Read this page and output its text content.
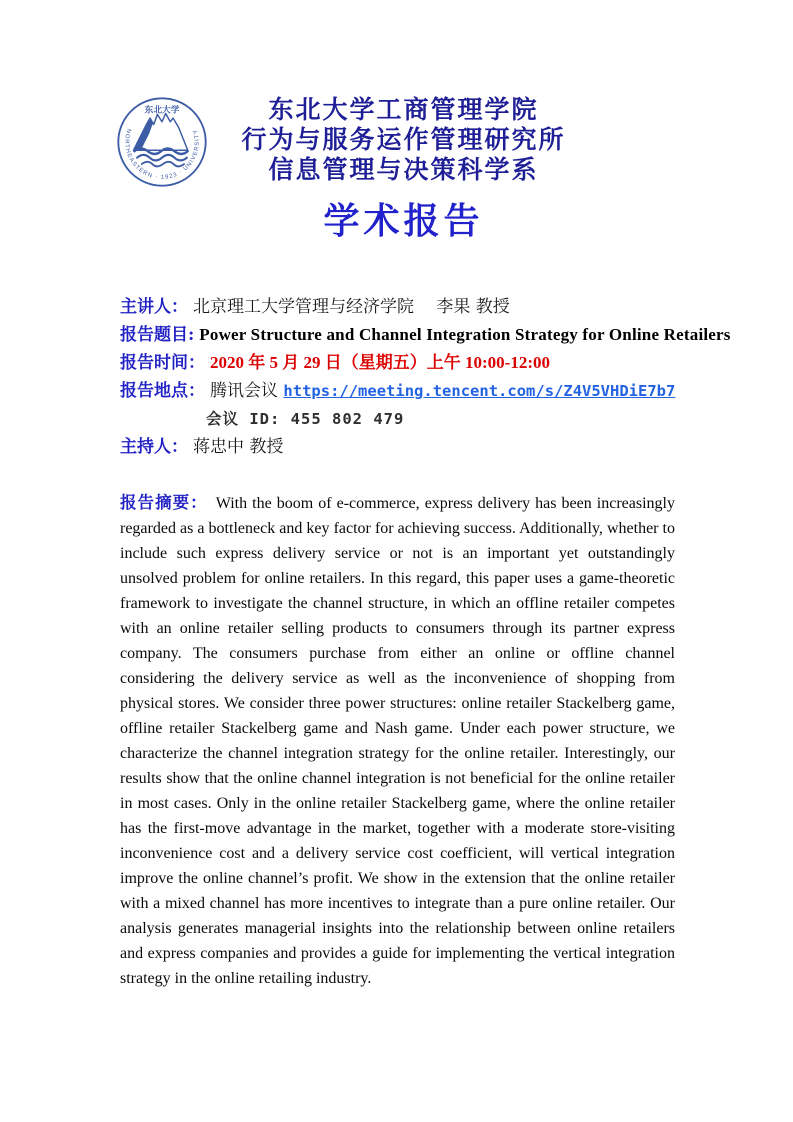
东北大学
NORTHEASTERN · 1923 · UNIVERSITY
东北大学工商管理学院
行为与服务运作管理研究所
信息管理与决策科学系
学术报告
主讲人： 北京理工大学管理与经济学院　 李果 教授
报告题目: Power Structure and Channel Integration Strategy for Online Retailers
报告时间： 2020 年 5 月 29 日（星期五）上午 10:00-12:00
报告地点： 腾讯会议 https://meeting.tencent.com/s/Z4V5VHDiE7b7
会议 ID: 455 802 479
主持人： 蒋忠中 教授

报告摘要： With the boom of e-commerce, express delivery has been increasingly regarded as a bottleneck and key factor for achieving success. Additionally, whether to include such express delivery service or not is an important yet outstandingly unsolved problem for online retailers. In this regard, this paper uses a game-theoretic framework to investigate the channel structure, in which an offline retailer competes with an online retailer selling products to consumers through its partner express company. The consumers purchase from either an online or offline channel considering the delivery service as well as the inconvenience of shopping from physical stores. We consider three power structures: online retailer Stackelberg game, offline retailer Stackelberg game and Nash game. Under each power structure, we characterize the channel integration strategy for the online retailer. Interestingly, our results show that the online channel integration is not beneficial for the online retailer in most cases. Only in the online retailer Stackelberg game, where the online retailer has the first-move advantage in the market, together with a moderate store-visiting inconvenience cost and a delivery service cost coefficient, will vertical integration improve the online channel’s profit. We show in the extension that the online retailer with a mixed channel has more incentives to integrate than a pure online retailer. Our analysis generates managerial insights into the relationship between online retailers and express companies and provides a guide for implementing the vertical integration strategy in the online retailing industry.
